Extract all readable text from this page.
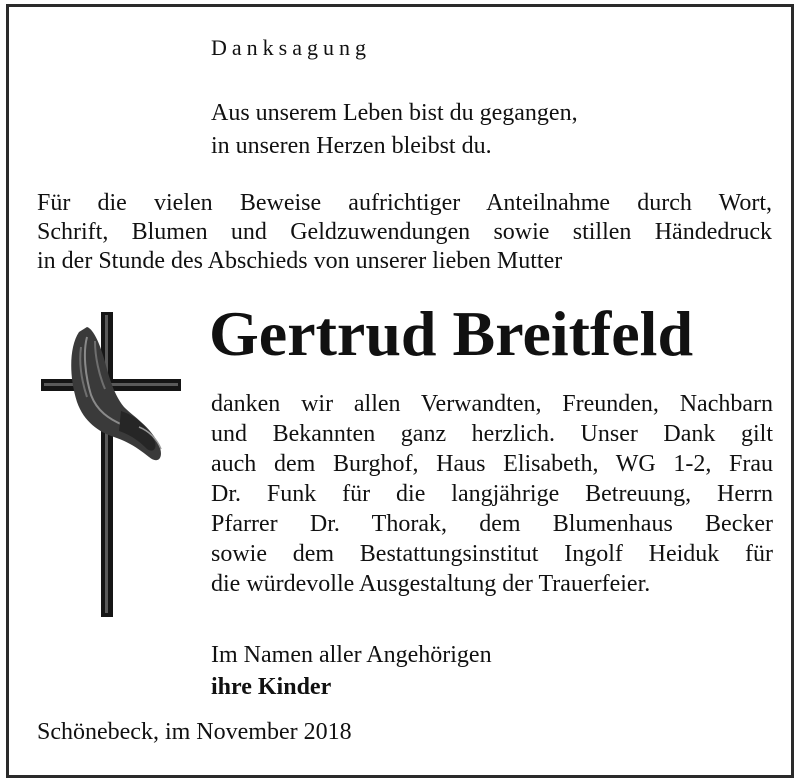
Danksagung
Aus unserem Leben bist du gegangen,
in unseren Herzen bleibst du.
Für die vielen Beweise aufrichtiger Anteilnahme durch Wort,
Schrift, Blumen und Geldzuwendungen sowie stillen Händedruck
in der Stunde des Abschieds von unserer lieben Mutter
Gertrud Breitfeld
danken wir allen Verwandten, Freunden, Nachbarn
und Bekannten ganz herzlich. Unser Dank gilt
auch dem Burghof, Haus Elisabeth, WG 1-2, Frau
Dr. Funk für die langjährige Betreuung, Herrn
Pfarrer Dr. Thorak, dem Blumenhaus Becker
sowie dem Bestattungsinstitut Ingolf Heiduk für
die würdevolle Ausgestaltung der Trauerfeier.
Im Namen aller Angehörigen
ihre Kinder
Schönebeck, im November 2018
